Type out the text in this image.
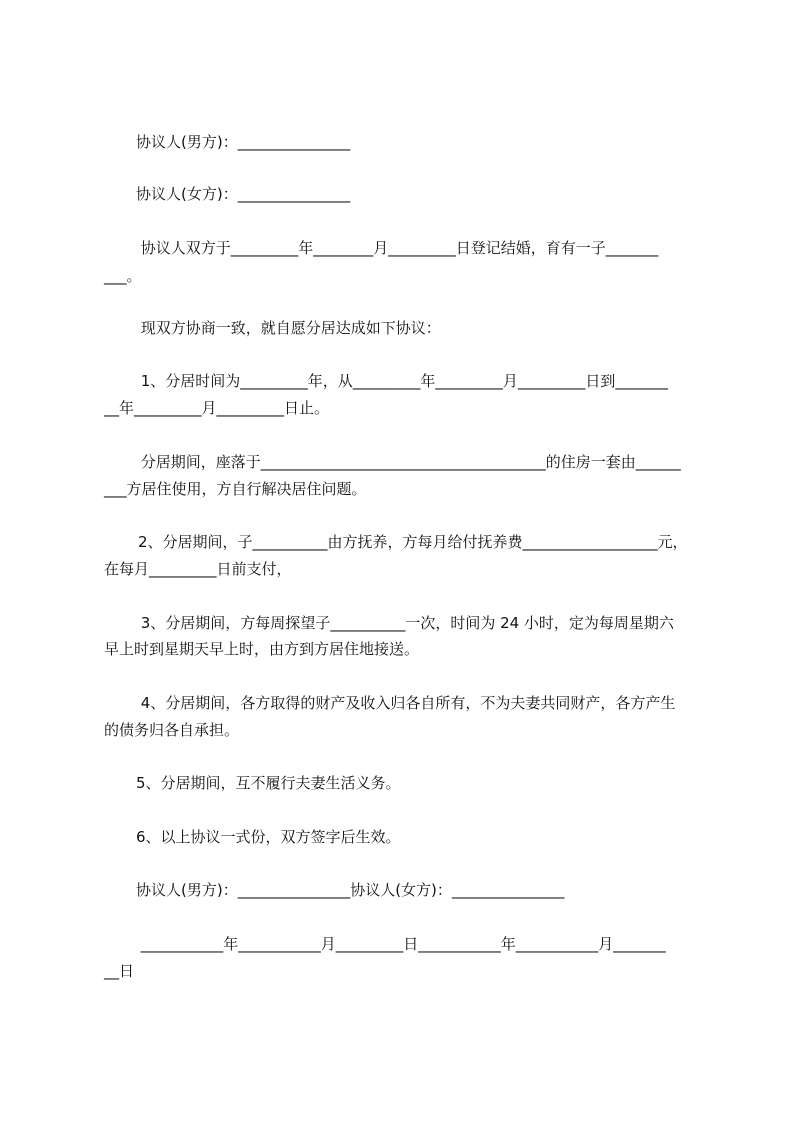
协议人(男方)：_______________
协议人(女方)：_______________
协议人双方于_________年________月_________日登记结婚，育有一子_______
___。
现双方协商一致，就自愿分居达成如下协议：
1、分居时间为_________年，从_________年_________月_________日到_______
__年_________月_________日止。
分居期间，座落于______________________________________的住房一套由______
___方居住使用，方自行解决居住问题。
2、分居期间，子__________由方抚养，方每月给付抚养费__________________元，
在每月_________日前支付，
3、分居期间，方每周探望子__________一次，时间为 24 小时，定为每周星期六
早上时到星期天早上时，由方到方居住地接送。
4、分居期间，各方取得的财产及收入归各自所有，不为夫妻共同财产，各方产生
的债务归各自承担。
5、分居期间，互不履行夫妻生活义务。
6、以上协议一式份，双方签字后生效。
协议人(男方)：_______________协议人(女方)：_______________
___________年___________月_________日___________年___________月_______
__日
